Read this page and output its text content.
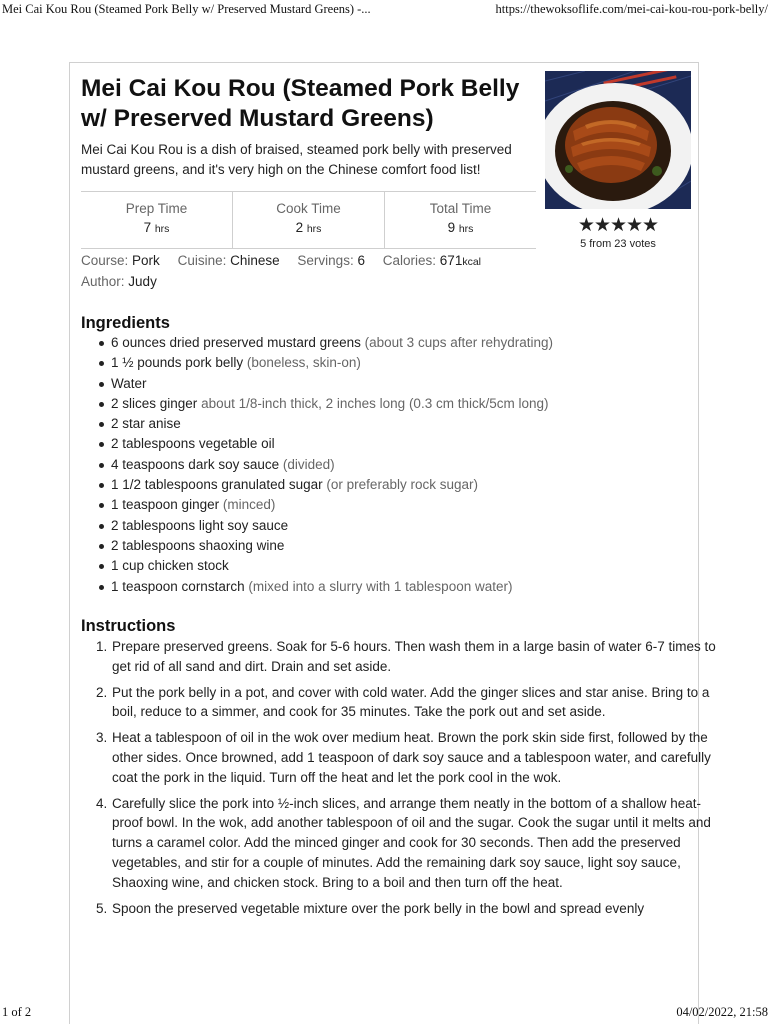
Mei Cai Kou Rou (Steamed Pork Belly w/ Preserved Mustard Greens) -...	https://thewoksoflife.com/mei-cai-kou-rou-pork-belly/
Mei Cai Kou Rou (Steamed Pork Belly w/ Preserved Mustard Greens)

Mei Cai Kou Rou is a dish of braised, steamed pork belly with preserved mustard greens, and it's very high on the Chinese comfort food list!

★★★★★
5 from 23 votes
Prep Time
7 hrs
Cook Time
2 hrs
Total Time
9 hrs
Course: Pork Cuisine: Chinese Servings: 6 Calories: 671kcal
Author: Judy
Ingredients
6 ounces dried preserved mustard greens (about 3 cups after rehydrating)
1 ½ pounds pork belly (boneless, skin-on)
Water
2 slices ginger about 1/8-inch thick, 2 inches long (0.3 cm thick/5cm long)
2 star anise
2 tablespoons vegetable oil
4 teaspoons dark soy sauce (divided)
1 1/2 tablespoons granulated sugar (or preferably rock sugar)
1 teaspoon ginger (minced)
2 tablespoons light soy sauce
2 tablespoons shaoxing wine
1 cup chicken stock
1 teaspoon cornstarch (mixed into a slurry with 1 tablespoon water)
Instructions
1. Prepare preserved greens. Soak for 5-6 hours. Then wash them in a large basin of water 6-7 times to get rid of all sand and dirt. Drain and set aside.
2. Put the pork belly in a pot, and cover with cold water. Add the ginger slices and star anise. Bring to a boil, reduce to a simmer, and cook for 35 minutes. Take the pork out and set aside.
3. Heat a tablespoon of oil in the wok over medium heat. Brown the pork skin side first, followed by the other sides. Once browned, add 1 teaspoon of dark soy sauce and a tablespoon water, and carefully coat the pork in the liquid. Turn off the heat and let the pork cool in the wok.
4. Carefully slice the pork into ½-inch slices, and arrange them neatly in the bottom of a shallow heat-proof bowl. In the wok, add another tablespoon of oil and the sugar. Cook the sugar until it melts and turns a caramel color. Add the minced ginger and cook for 30 seconds. Then add the preserved vegetables, and stir for a couple of minutes. Add the remaining dark soy sauce, light soy sauce, Shaoxing wine, and chicken stock. Bring to a boil and then turn off the heat.
5. Spoon the preserved vegetable mixture over the pork belly in the bowl and spread evenly
1 of 2	04/02/2022, 21:58
